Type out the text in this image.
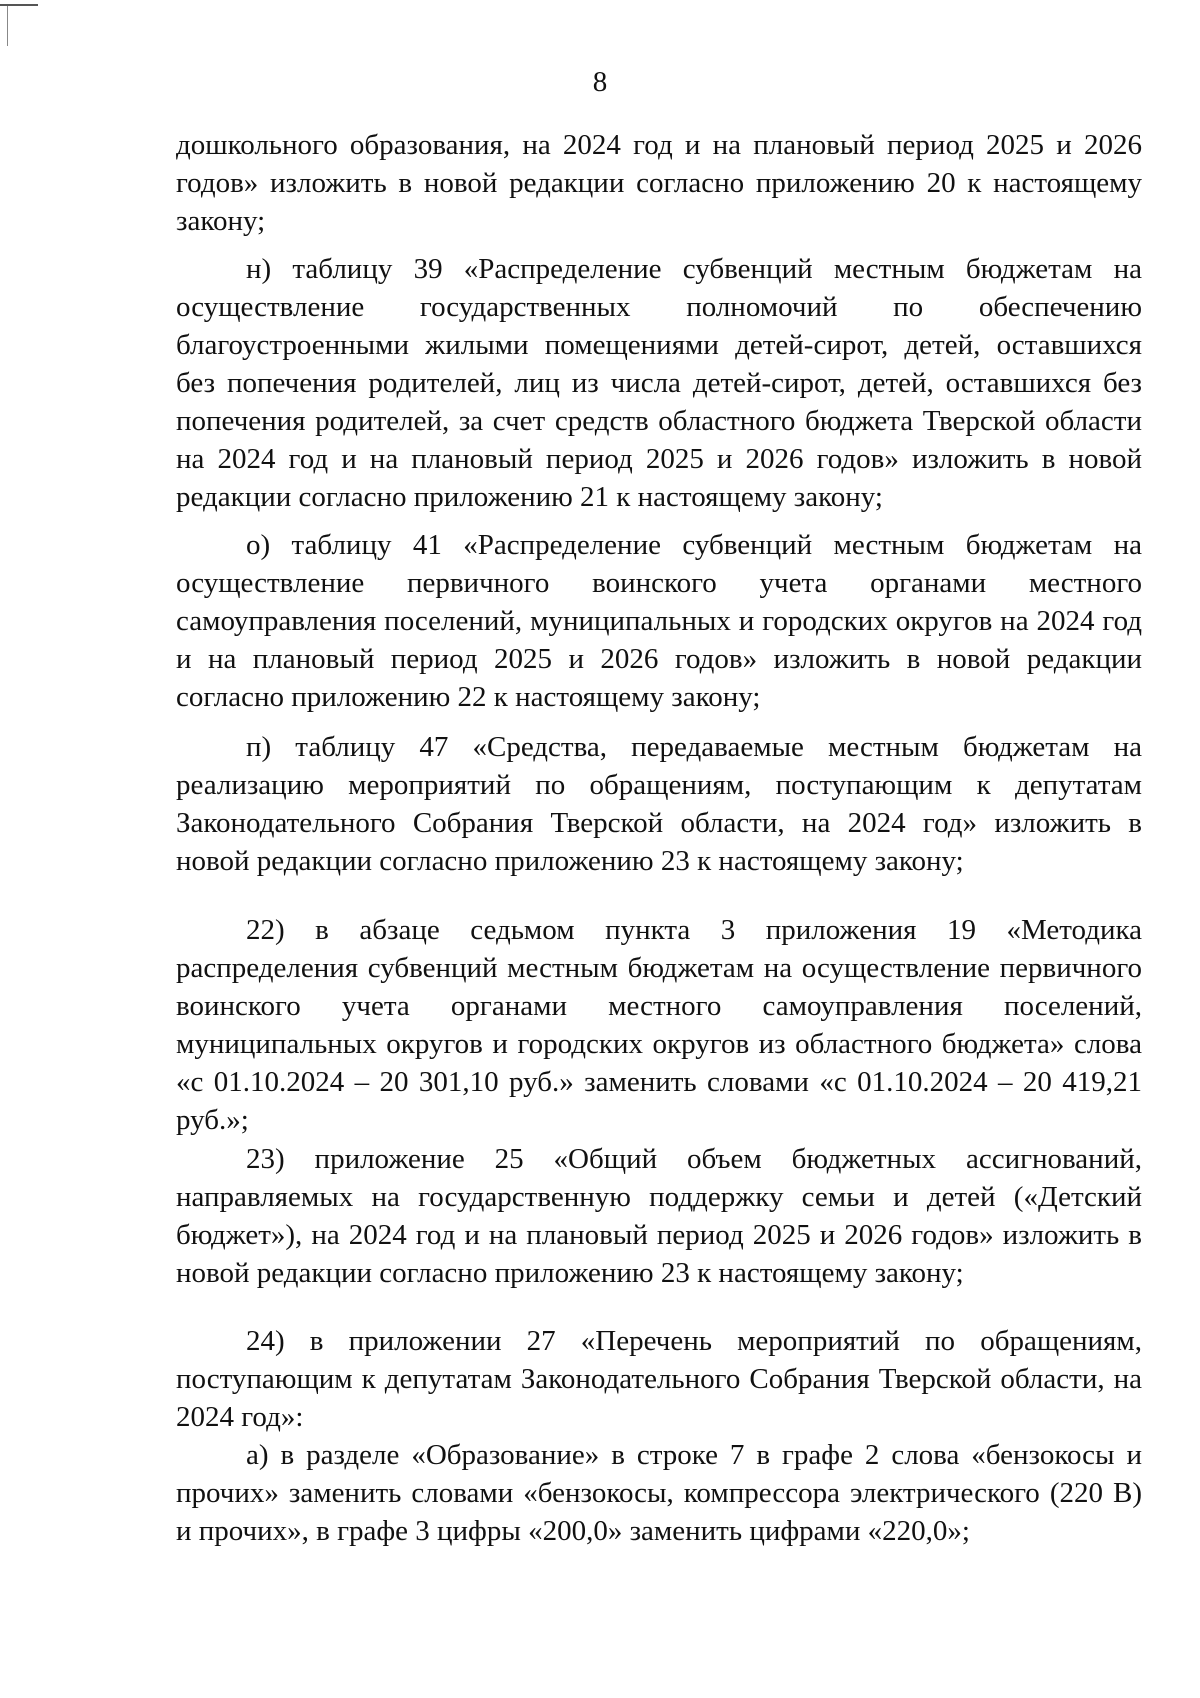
8

дошкольного образования, на 2024 год и на плановый период 2025 и 2026 годов» изложить в новой редакции согласно приложению 20 к настоящему закону;

н) таблицу 39 «Распределение субвенций местным бюджетам на осуществление государственных полномочий по обеспечению благоустроенными жилыми помещениями детей-сирот, детей, оставшихся без попечения родителей, лиц из числа детей-сирот, детей, оставшихся без попечения родителей, за счет средств областного бюджета Тверской области на 2024 год и на плановый период 2025 и 2026 годов» изложить в новой редакции согласно приложению 21 к настоящему закону;

о) таблицу 41 «Распределение субвенций местным бюджетам на осуществление первичного воинского учета органами местного самоуправления поселений, муниципальных и городских округов на 2024 год и на плановый период 2025 и 2026 годов» изложить в новой редакции согласно приложению 22 к настоящему закону;

п) таблицу 47 «Средства, передаваемые местным бюджетам на реализацию мероприятий по обращениям, поступающим к депутатам Законодательного Собрания Тверской области, на 2024 год» изложить в новой редакции согласно приложению 23 к настоящему закону;

22) в абзаце седьмом пункта 3 приложения 19 «Методика распределения субвенций местным бюджетам на осуществление первичного воинского учета органами местного самоуправления поселений, муниципальных округов и городских округов из областного бюджета» слова «с 01.10.2024 – 20 301,10 руб.» заменить словами «с 01.10.2024 – 20 419,21 руб.»;

23) приложение 25 «Общий объем бюджетных ассигнований, направляемых на государственную поддержку семьи и детей («Детский бюджет»), на 2024 год и на плановый период 2025 и 2026 годов» изложить в новой редакции согласно приложению 23 к настоящему закону;

24) в приложении 27 «Перечень мероприятий по обращениям, поступающим к депутатам Законодательного Собрания Тверской области, на 2024 год»:

а) в разделе «Образование» в строке 7 в графе 2 слова «бензокосы и прочих» заменить словами «бензокосы, компрессора электрического (220 В) и прочих», в графе 3 цифры «200,0» заменить цифрами «220,0»;
